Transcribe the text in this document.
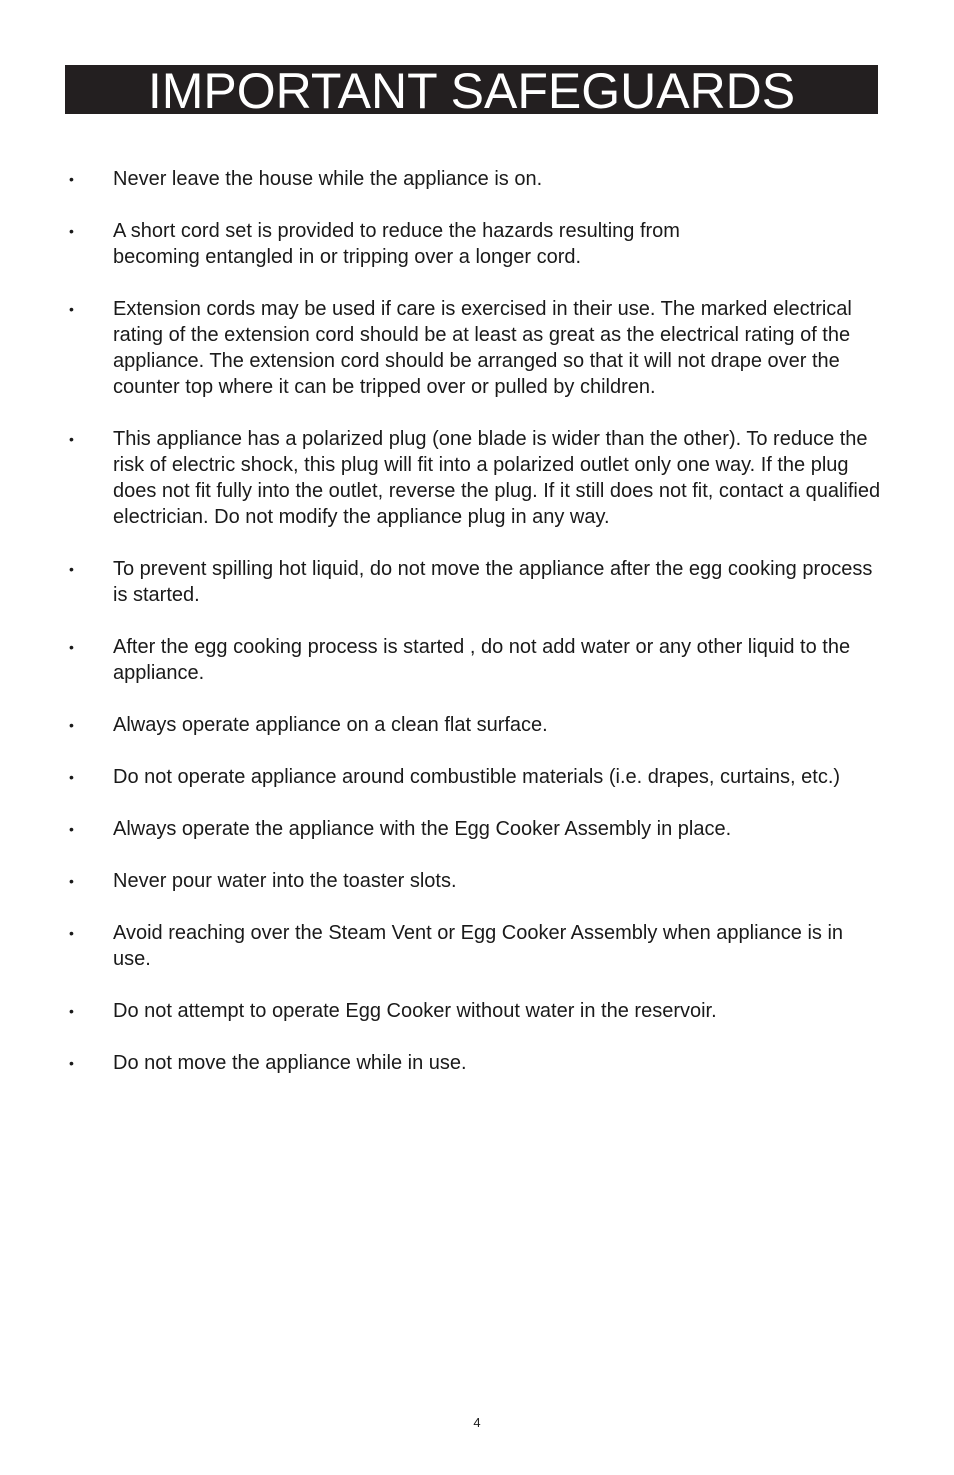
IMPORTANT SAFEGUARDS
•	Never leave the house while the appliance is on.
•	A short cord set is provided to reduce the hazards resulting from becoming entangled in or tripping over a longer cord.
•	Extension cords may be used if care is exercised in their use. The marked electrical rating of the extension cord should be at least as great as the electrical rating of the appliance. The extension cord should be arranged so that it will not drape over the counter top where it can be tripped over or pulled by children.
•	This appliance has a polarized plug (one blade is wider than the other). To reduce the risk of electric shock, this plug will fit into a polarized outlet only one way. If the plug does not fit fully into the outlet, reverse the plug. If it still does not fit, contact a qualified electrician. Do not modify the appliance plug in any way.
•	To prevent spilling hot liquid, do not move the appliance after the egg cooking process is started.
•	After the egg cooking process is started , do not add water or any other liquid to the appliance.
•	Always operate appliance on a clean flat surface.
•	Do not operate appliance around combustible materials (i.e. drapes, curtains, etc.)
•	Always operate the appliance with the Egg Cooker Assembly in place.
•	Never pour water into the toaster slots.
•	Avoid reaching over the Steam Vent or Egg Cooker Assembly when appliance is in use.
•	Do not attempt to operate Egg Cooker without water in the reservoir.
•	Do not move the appliance while in use.
4
